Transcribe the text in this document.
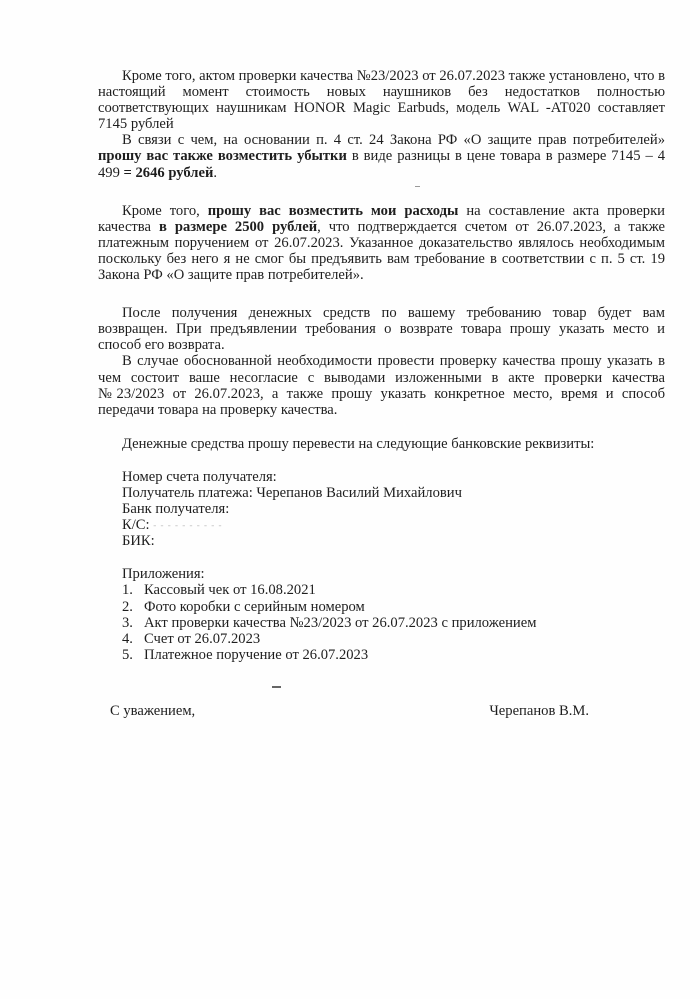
Кроме того, актом проверки качества №23/2023 от 26.07.2023 также установлено, что в настоящий момент стоимость новых наушников без недостатков полностью соответствующих наушникам HONOR Magic Earbuds, модель WAL -AT020 составляет 7145 рублей

В связи с чем, на основании п. 4 ст. 24 Закона РФ «О защите прав потребителей» прошу вас также возместить убытки в виде разницы в цене товара в размере 7145 – 4 499 = 2646 рублей.

Кроме того, прошу вас возместить мои расходы на составление акта проверки качества в размере 2500 рублей, что подтверждается счетом от 26.07.2023, а также платежным поручением от 26.07.2023. Указанное доказательство являлось необходимым поскольку без него я не смог бы предъявить вам требование в соответствии с п. 5 ст. 19 Закона РФ «О защите прав потребителей».

После получения денежных средств по вашему требованию товар будет вам возвращен. При предъявлении требования о возврате товара прошу указать место и способ его возврата.

В случае обоснованной необходимости провести проверку качества прошу указать в чем состоит ваше несогласие с выводами изложенными в акте проверки качества №23/2023 от 26.07.2023, а также прошу указать конкретное место, время и способ передачи товара на проверку качества.

Денежные средства прошу перевести на следующие банковские реквизиты:

Номер счета получателя:
Получатель платежа: Черепанов Василий Михайлович
Банк получателя:
К/С: - - - - - - - - - -
БИК:
Приложения:
1. Кассовый чек от 16.08.2021
2. Фото коробки с серийным номером
3. Акт проверки качества №23/2023 от 26.07.2023 с приложением
4. Счет от 26.07.2023
5. Платежное поручение от 26.07.2023
С уважением,	Черепанов В.М.
